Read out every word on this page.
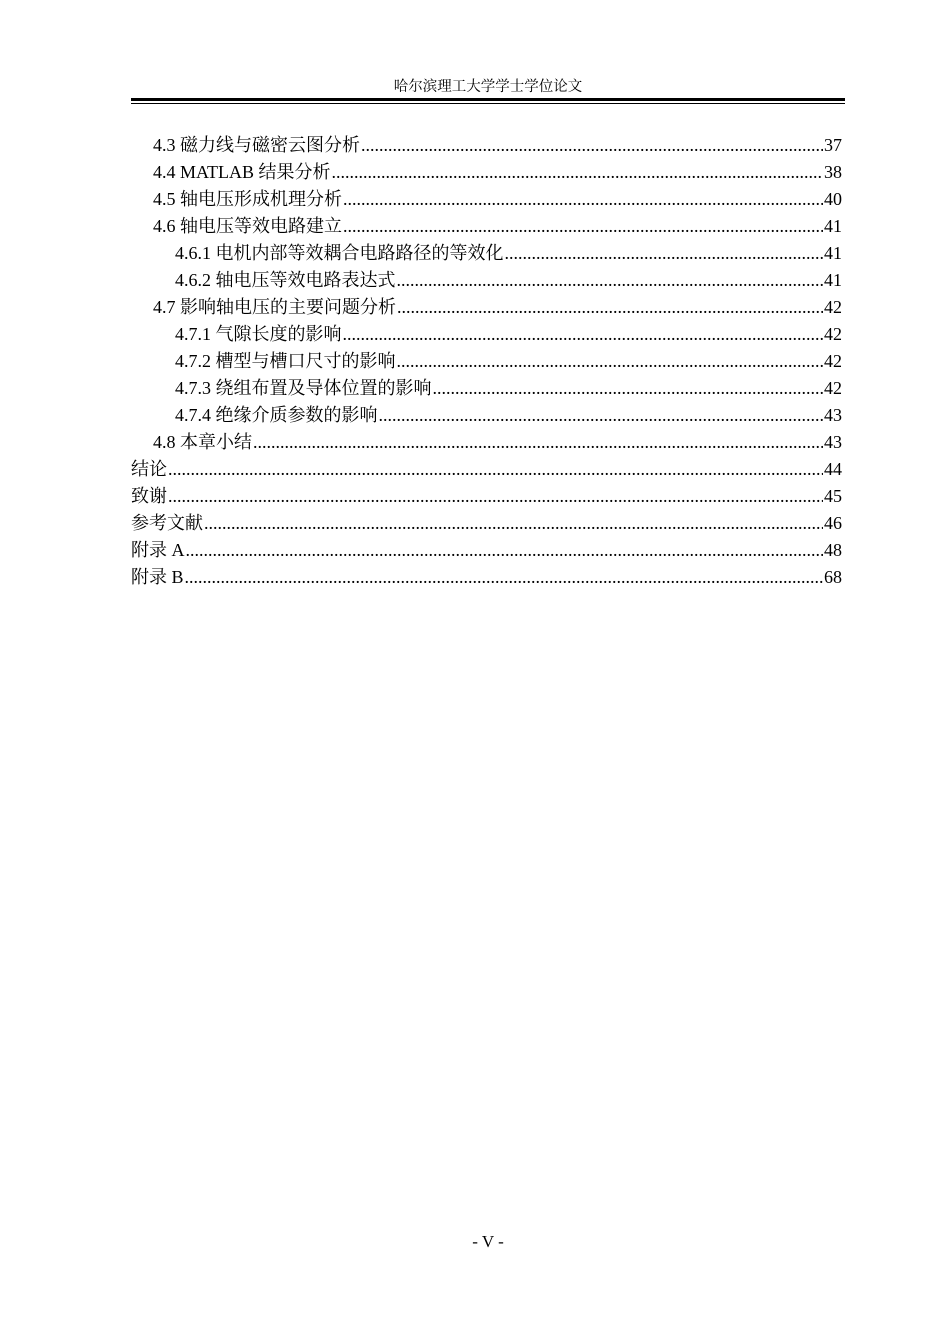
哈尔滨理工大学学士学位论文
4.3 磁力线与磁密云图分析 .....	37
4.4 MATLAB 结果分析 .....	38
4.5 轴电压形成机理分析 .....	40
4.6 轴电压等效电路建立 .....	41
4.6.1 电机内部等效耦合电路路径的等效化 .....	41
4.6.2 轴电压等效电路表达式 .....	41
4.7 影响轴电压的主要问题分析 .....	42
4.7.1 气隙长度的影响 .....	42
4.7.2 槽型与槽口尺寸的影响 .....	42
4.7.3 绕组布置及导体位置的影响 .....	42
4.7.4 绝缘介质参数的影响 .....	43
4.8 本章小结 .....	43
结论 .....	44
致谢 .....	45
参考文献 .....	46
附录 A .....	48
附录 B .....	68
- V -
